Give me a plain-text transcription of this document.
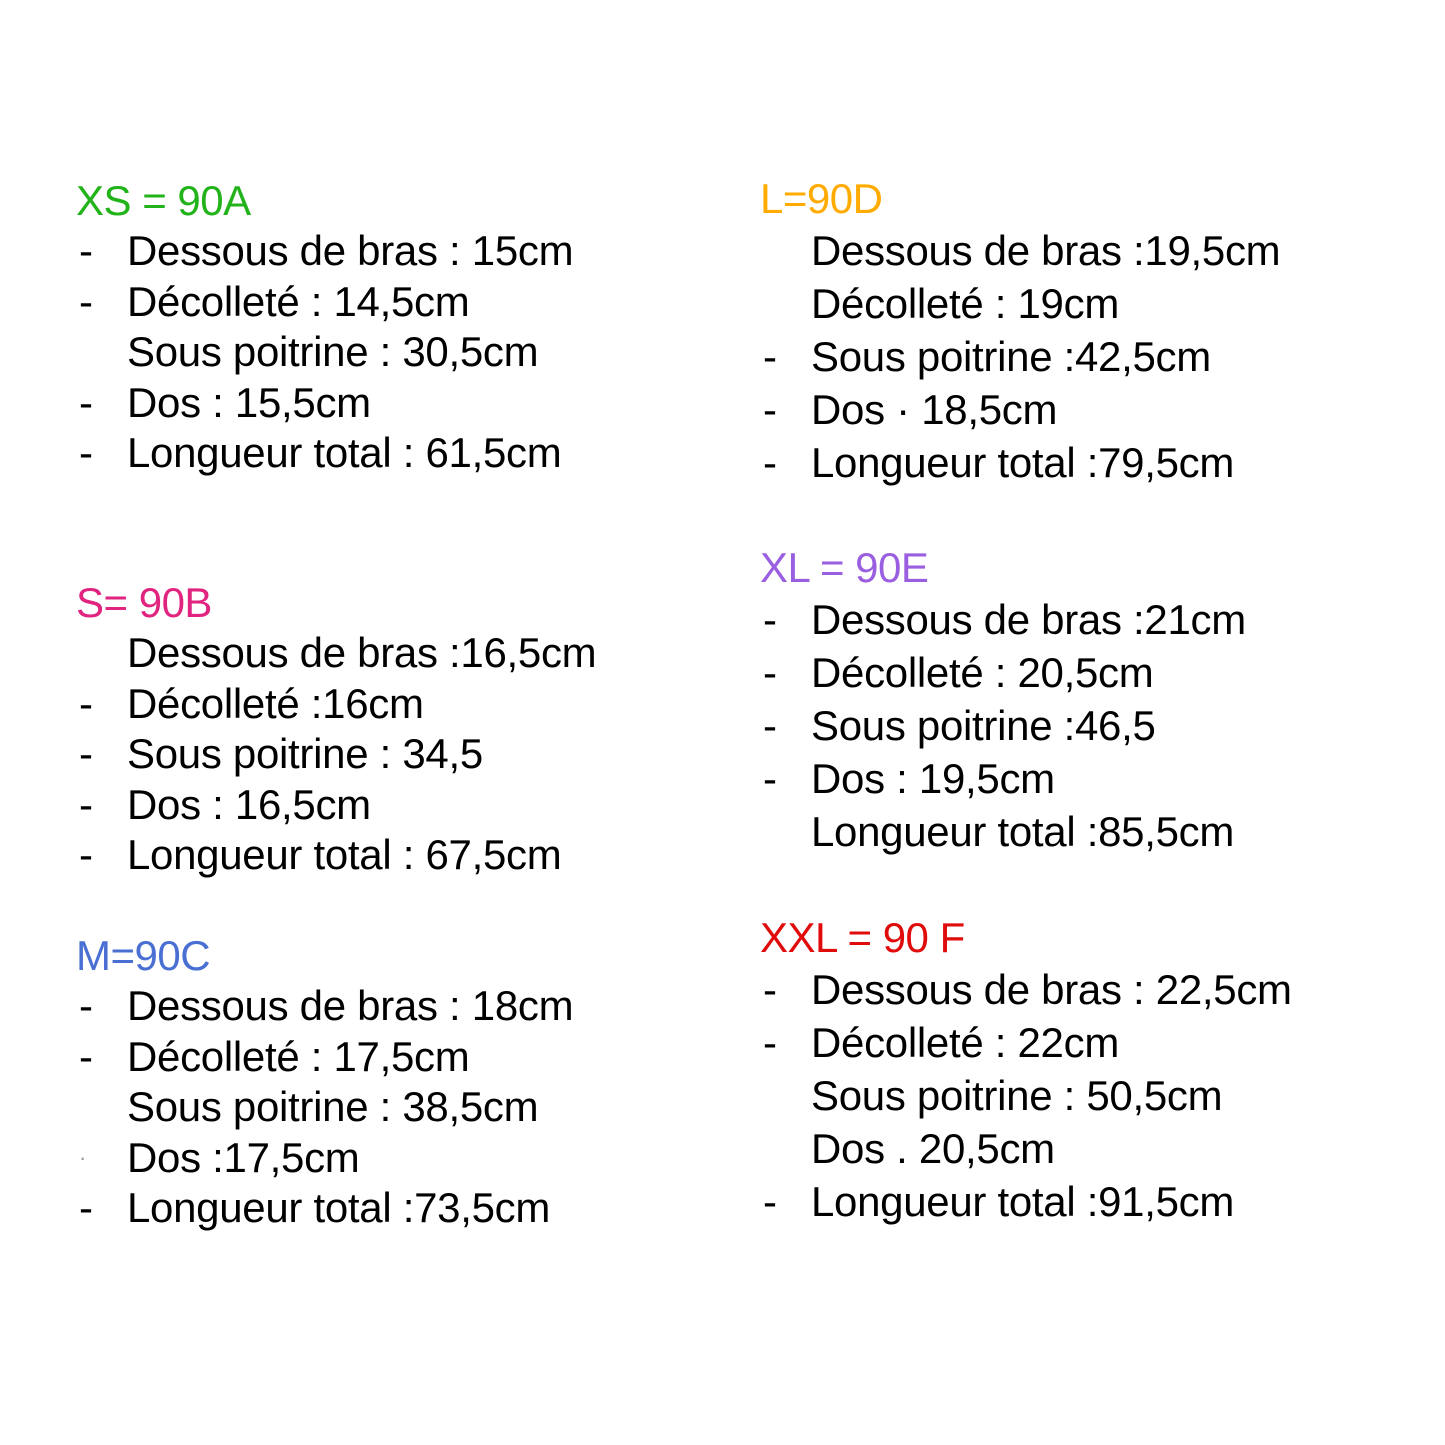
XS = 90A
- Dessous de bras : 15cm
- Décolleté : 14,5cm
Sous poitrine : 30,5cm
- Dos : 15,5cm
- Longueur total : 61,5cm
S= 90B
Dessous de bras :16,5cm
- Décolleté :16cm
- Sous poitrine : 34,5
- Dos : 16,5cm
- Longueur total : 67,5cm
M=90C
- Dessous de bras : 18cm
- Décolleté : 17,5cm
Sous poitrine : 38,5cm
· Dos :17,5cm
- Longueur total :73,5cm
L=90D
Dessous de bras :19,5cm
Décolleté : 19cm
- Sous poitrine :42,5cm
- Dos · 18,5cm
- Longueur total :79,5cm
XL = 90E
- Dessous de bras :21cm
- Décolleté : 20,5cm
- Sous poitrine :46,5
- Dos : 19,5cm
Longueur total :85,5cm
XXL = 90 F
- Dessous de bras : 22,5cm
- Décolleté : 22cm
Sous poitrine : 50,5cm
Dos . 20,5cm
- Longueur total :91,5cm
